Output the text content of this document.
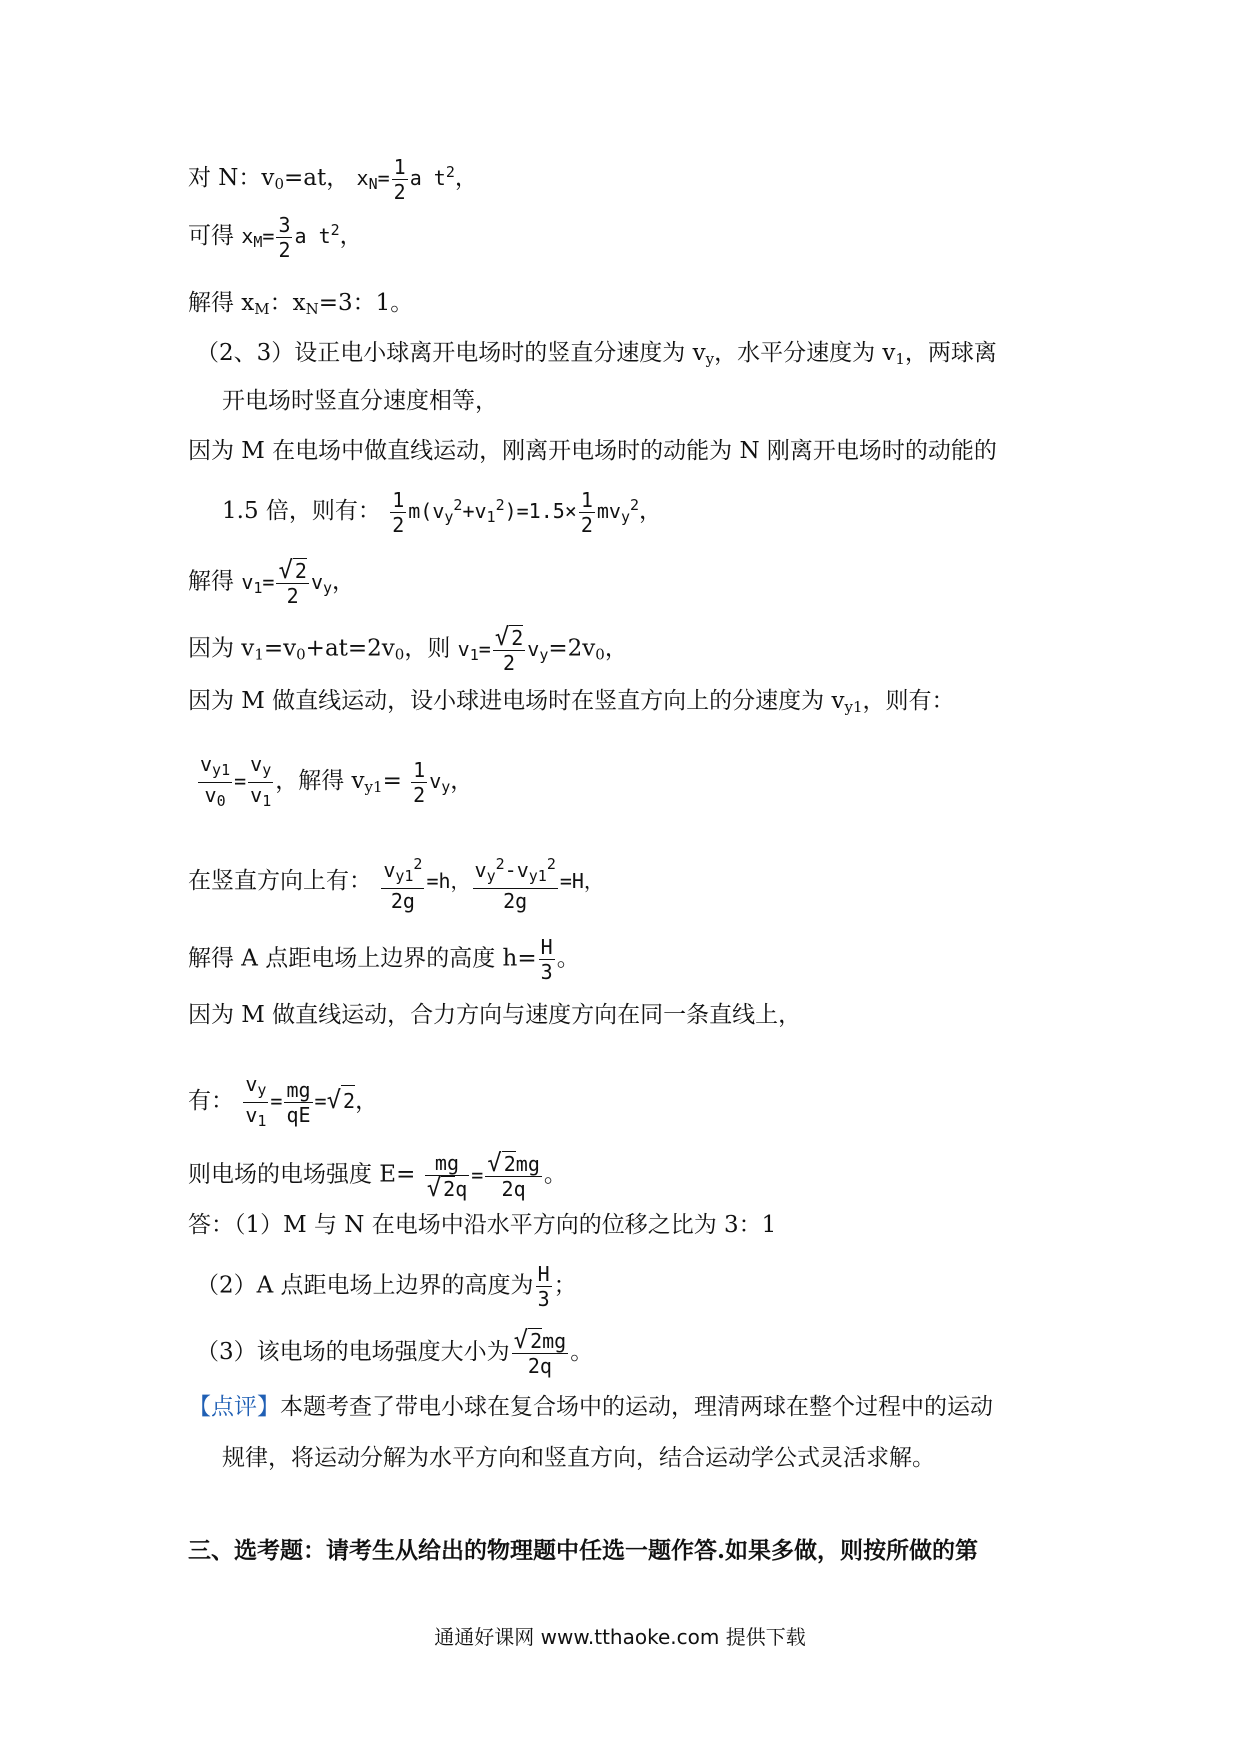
对 N：$v_0=at$， $x_N= \frac{1}{2}$ a $t^2$，
可得 $x_M= \frac{3}{2}$ a $t^2$，
解得 $x_M$：$x_N=3$：1。
（2、3）设正电小球离开电场时的竖直分速度为 $v_y$，水平分速度为 $v_1$，两球离
开电场时竖直分速度相等，
因为 M 在电场中做直线运动，刚离开电场时的动能为 N 刚离开电场时的动能的
1.5 倍，则有： $\frac{1}{2} m(v_y^2+v_1^2)=1.5\times \frac{1}{2} mv_y^2$，
解得 $v_1= \frac{√ 2}{2} v_y$，
因为 $v_1=v_0+at=2v_0$，则 $v_1= \frac{√ 2}{2} v_y=2v_0$，
因为 M 做直线运动，设小球进电场时在竖直方向上的分速度为 $v_{y1}$，则有：
$\frac{v_{y1}}{v_0} = \frac{v_y}{v_1}$ ，解得 $v_{y1}= \frac{1}{2} v_y$，
在竖直方向上有： $\frac{v_{y1}^2}{2g} =h$， $\frac{v_y^2-v_{y1}^2}{2g} =H$，
解得 A 点距电场上边界的高度 $h= \frac{H}{3}$ 。
因为 M 做直线运动，合力方向与速度方向在同一条直线上，
有： $\frac{v_y}{v_1} = \frac{mg}{qE}$ =√ 2，
则电场的电场强度 $E= \frac{mg}{√ 2q} = \frac{√ 2mg}{2q}$ 。
答：（1）M 与 N 在电场中沿水平方向的位移之比为 3：1
（2）A 点距电场上边界的高度为 $\frac{H}{3}$ ；
（3）该电场的电场强度大小为 $\frac{√ 2mg}{2q}$ 。
【点评】本题考查了带电小球在复合场中的运动，理清两球在整个过程中的运动
规律，将运动分解为水平方向和竖直方向，结合运动学公式灵活求解。
三、选考题：请考生从给出的物理题中任选一题作答.如果多做，则按所做的第
通通好课网 www.tthaoke.com 提供下载
